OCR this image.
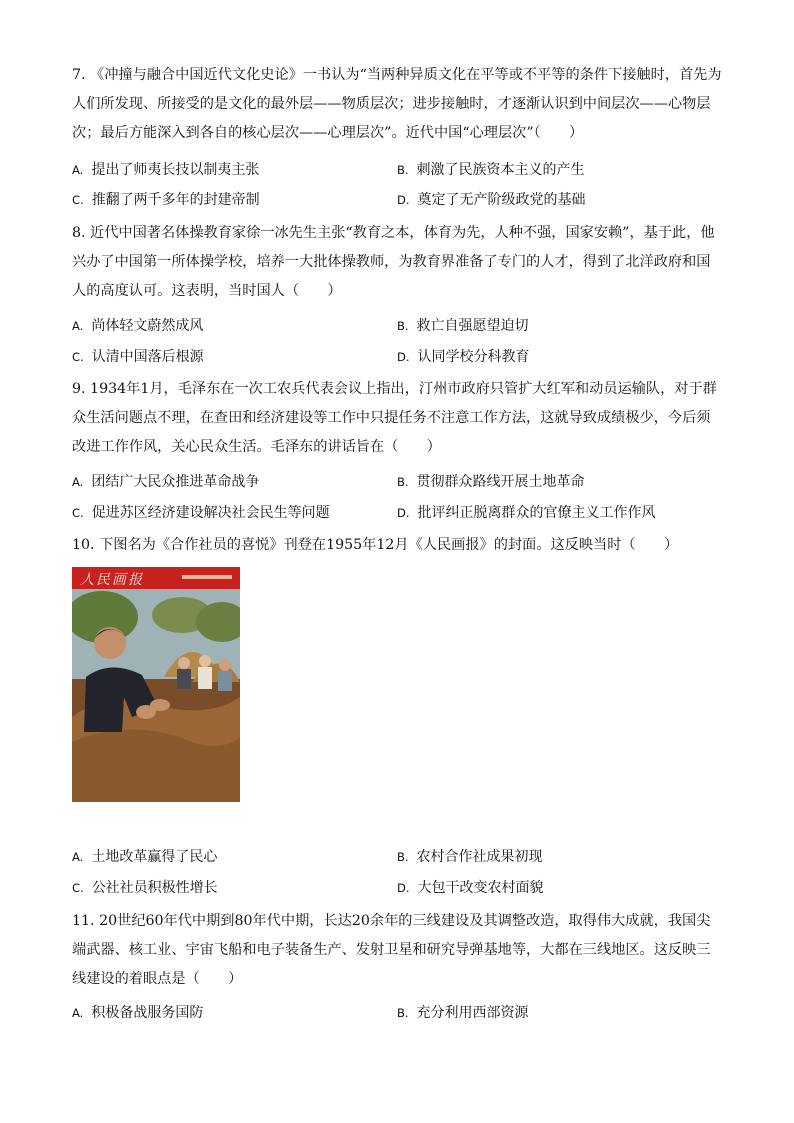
7. 《冲撞与融合中国近代文化史论》一书认为“当两种异质文化在平等或不平等的条件下接触时，首先为人们所发现、所接受的是文化的最外层——物质层次；进步接触时，才逐渐认识到中间层次——心物层次；最后方能深入到各自的核心层次——心理层次”。近代中国“心理层次”（　　）

A. 提出了师夷长技以制夷主张	B. 刺激了民族资本主义的产生
C. 推翻了两千多年的封建帝制	D. 奠定了无产阶级政党的基础

8. 近代中国著名体操教育家徐一冰先生主张“教育之本，体育为先，人种不强，国家安赖”，基于此，他兴办了中国第一所体操学校，培养一大批体操教师，为教育界准备了专门的人才，得到了北洋政府和国人的高度认可。这表明，当时国人（　　）

A. 尚体轻文蔚然成风	B. 救亡自强愿望迫切
C. 认清中国落后根源	D. 认同学校分科教育

9. 1934年1月，毛泽东在一次工农兵代表会议上指出，汀州市政府只管扩大红军和动员运输队，对于群众生活问题点不理，在查田和经济建设等工作中只提任务不注意工作方法，这就导致成绩极少，今后须改进工作作风，关心民众生活。毛泽东的讲话旨在（　　）

A. 团结广大民众推进革命战争	B. 贯彻群众路线开展土地革命
C. 促进苏区经济建设解决社会民生等问题	D. 批评纠正脱离群众的官僚主义工作作风

10. 下图名为《合作社员的喜悦》刊登在1955年12月《人民画报》的封面。这反映当时（　　）

人民画报
A. 土地改革赢得了民心	B. 农村合作社成果初现
C. 公社社员积极性增长	D. 大包干改变农村面貌

11. 20世纪60年代中期到80年代中期，长达20余年的三线建设及其调整改造，取得伟大成就，我国尖端武器、核工业、宇宙飞船和电子装备生产、发射卫星和研究导弹基地等，大都在三线地区。这反映三线建设的着眼点是（　　）

A. 积极备战服务国防	B. 充分利用西部资源
